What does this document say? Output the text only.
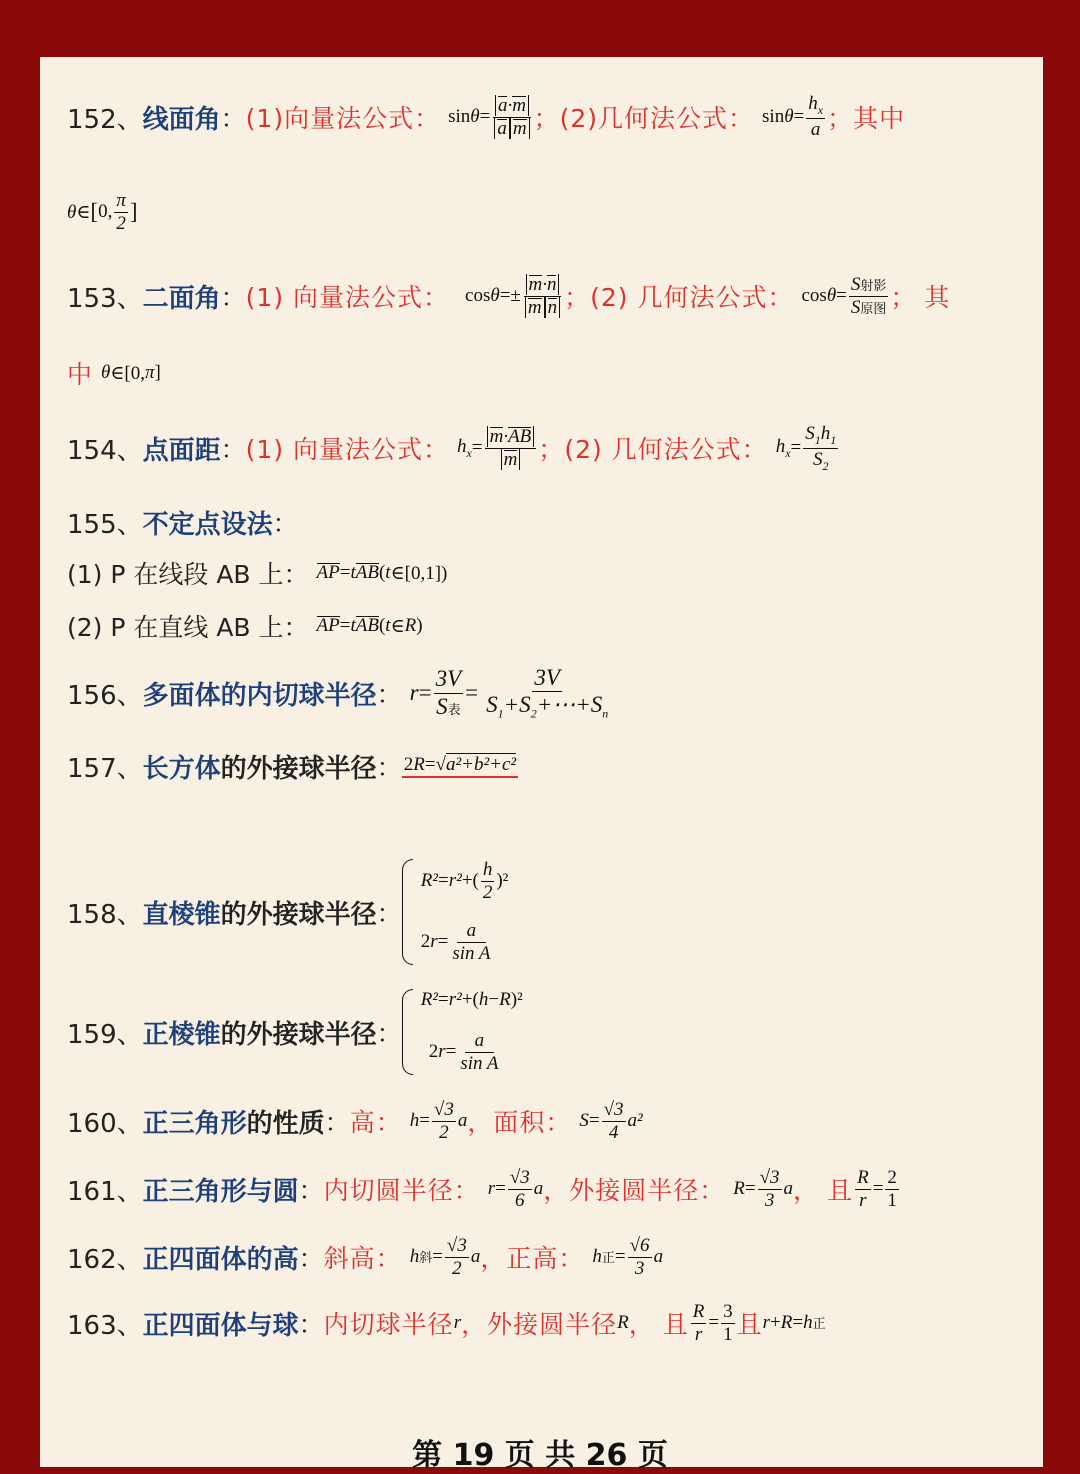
152、 线面角 ： (1)向量法公式： $\sin\theta= \frac{a\cdot m}{\text{a m}}$ ； (2)几何法公式： $\sin\theta= \frac{h_x}{a}$ ； 其中
θ∈ [ 0, $\frac{\pi}{2}$ ]
153、 二面角 ： (1) 向量法公式： $\cos\theta=\pm \frac{m\cdot n}{\text{m n}}$ ； (2) 几何法公式： $\cos\theta= \frac{\text{S射影}}{\text{S原图}}$ ； 其
中 θ ∈[0, π ]
154、 点面距 ： (1) 向量法公式： $h_x = \frac{m\cdot AB}{m}$ ； (2) 几何法公式： $h_x = \frac{S_1h_1}{S_2}$
155、 不定点设法 ：
(1) P 在线段 AB 上： AP = tAB ( t ∈[0,1])
(2) P 在直线 AB 上： AP = tAB ( t ∈ R )
156、 多面体的内切球半径 ： $r = \frac{3V}{\text{S表}} = \frac{3V}{S_1+S_2+\cdots+S_n}$
157、 长方体 的外接球半径 ： 2R=√a²+b²+c²
158、 直棱锥 的外接球半径 ：
$R^2=r^2+( \frac{h}{2} )^2$
$2r= \frac{a}{\text{sin A}}$
159、 正棱锥 的外接球半径 ：
R²=r²+(h−R)²
$2r= \frac{a}{\text{sin A}}$
160、 正三角形 的性质 ： 高： $h = \frac{√3}{2}$ a ， 面积： $S = \frac{√3}{4} a^2$
161、 正三角形与圆 ： 内切圆半径： $r = \frac{√3}{6}$ a ， 外接圆半径： $R = \frac{√3}{3}$ a ， 且 $\frac{R}{r} = \frac{2}{1}$
162、 正四面体的高 ： 斜高： h斜 = $\frac{√3}{2}$ a ， 正高： h正 = $\frac{√6}{3}$ a
163、 正四面体与球 ： 内切球半径 r ， 外接圆半径 R ， 且 $\frac{R}{r} = \frac{3}{1}$ 且 r + R = h正
第 19 页 共 26 页
